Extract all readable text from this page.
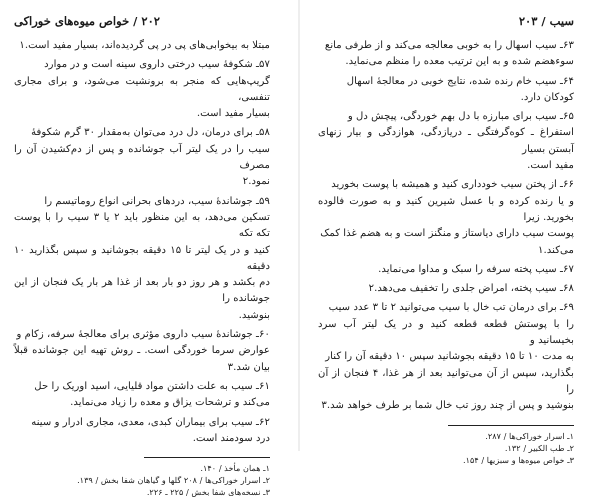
سیب / ۲۰۳

۶۳ـ سیب اسهال را به خوبی معالجه می‌کند و از طرفی مانع

سوءهضم شده و به این ترتیب معده را منظم می‌نماید.

۶۴ـ سیب خام رنده شده، نتایج خوبی در معالجهٔ اسهال

کودکان دارد.

۶۵ـ سیب برای مبارزه با دل بهم خوردگی، پیچش دل و

استفراغ ـ کوه‌گرفتگی ـ دریازدگی، هوازدگی و بیار زنهای آبستن بسیار

مفید است.

۶۶ـ از پختن سیب خودداری کنید و همیشه با پوست بخورید

و یا رنده کرده و با عسل شیرین کنید و به صورت فالوده بخورید. زیرا

پوست سیب دارای دیاستاز و منگنز است و به هضم غذا کمک

می‌کند.۱

۶۷ـ سیب پخته سرفه را سبک و مداوا می‌نماید.

۶۸ـ سیب پخته، امراض جلدی را تخفیف می‌دهد.۲

۶۹ـ برای درمان تب خال با سیب می‌توانید ۲ تا ۳ عدد سیب

را با پوستش قطعه قطعه کنید و در یک لیتر آب سرد بخیسانید و

به مدت ۱۰ تا ۱۵ دقیقه بجوشانید سپس ۱۰ دقیقه آن را کنار

بگذارید، سپس از آن می‌توانید بعد از هر غذا، ۴ فنجان از آن را

بنوشید و پس از چند روز تب خال شما بر طرف خواهد شد.۳

۱ـ اسرار خوراکی‌ها / ۲۸۷.
۲ـ طب الکبیر / ۱۳۲.
۳ـ خواص میوه‌ها و سبزیها / ۱۵۴.
۲۰۲ / خواص میوه‌های خوراکی

مبتلا به بیخوابی‌های پی در پی گردیده‌اند، بسیار مفید است.۱

۵۷ـ شکوفهٔ سیب درختی داروی سینه است و در موارد

گریپ‌هایی که منجر به برونشیت می‌شود، و برای مجاری تنفسی،

بسیار مفید است.

۵۸ـ برای درمان، دل درد می‌توان به‌مقدار ۳۰ گرم شکوفهٔ

سیب را در یک لیتر آب جوشانده و پس از دم‌کشیدن آن را مصرف

نمود.۲

۵۹ـ جوشاندهٔ سیب، دردهای بحرانی انواع روماتیسم را

تسکین می‌دهد، به این منظور باید ۲ یا ۳ سیب را با پوست تکه تکه

کنید و در یک لیتر تا ۱۵ دقیقه بجوشانید و سپس بگذارید ۱۰ دقیقه

دم بکشد و هر روز دو بار بعد از غذا هر بار یک فنجان از این جوشانده را

بنوشید.

۶۰ـ جوشاندهٔ سیب داروی مؤثری برای معالجهٔ سرفه، زکام و

عوارض سرما خوردگی است. ـ روش تهیه این جوشانده قبلاً بیان شد.۳

۶۱ـ سیب به علت داشتن مواد قلیایی، اسید اوریک را حل

می‌کند و ترشحات یزاق و معده را زیاد می‌نماید.

۶۲ـ سیب برای بیماران کبدی، معدی، مجاری ادرار و سینه

درد سودمند است.

۱ـ همان مأخذ / ۱۴۰.
۲ـ اسرار خوراکی‌ها / ۲۰۸ گلها و گیاهان شفا بخش / ۱۳۹.
۳ـ نسخه‌های شفا بخش / ۲۲۵ ـ ۲۲۶.
